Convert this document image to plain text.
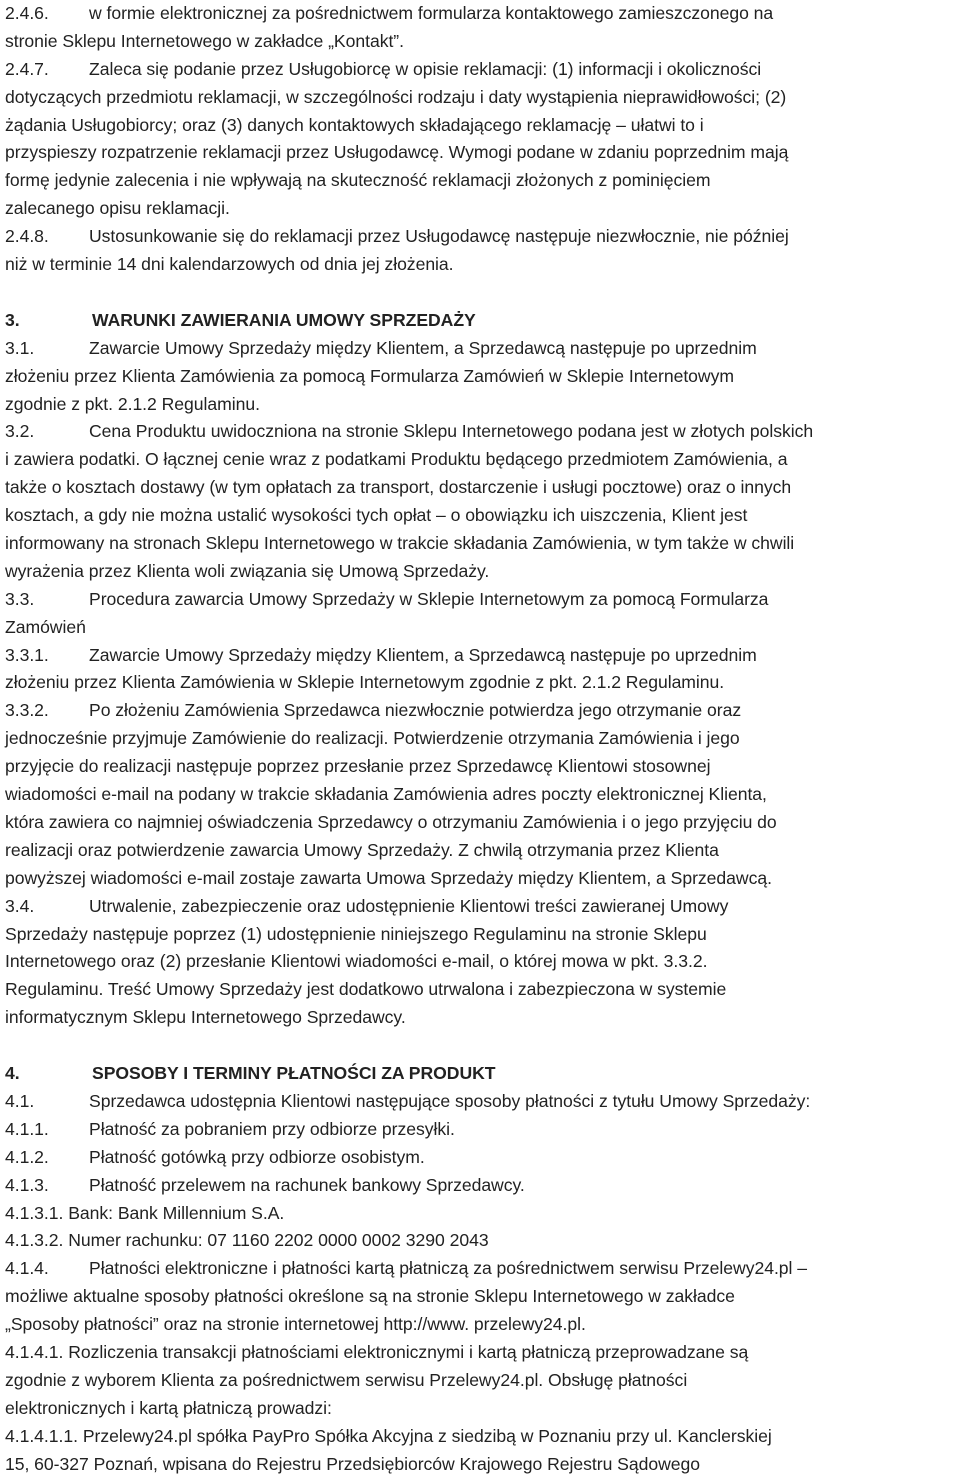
2.4.6. w formie elektronicznej za pośrednictwem formularza kontaktowego zamieszczonego na
stronie Sklepu Internetowego w zakładce „Kontakt”.
2.4.7. Zaleca się podanie przez Usługobiorcę w opisie reklamacji: (1) informacji i okoliczności
dotyczących przedmiotu reklamacji, w szczególności rodzaju i daty wystąpienia nieprawidłowości; (2)
żądania Usługobiorcy; oraz (3) danych kontaktowych składającego reklamację – ułatwi to i
przyspieszy rozpatrzenie reklamacji przez Usługodawcę. Wymogi podane w zdaniu poprzednim mają
formę jedynie zalecenia i nie wpływają na skuteczność reklamacji złożonych z pominięciem
zalecanego opisu reklamacji.
2.4.8. Ustosunkowanie się do reklamacji przez Usługodawcę następuje niezwłocznie, nie później
niż w terminie 14 dni kalendarzowych od dnia jej złożenia.
3.	WARUNKI ZAWIERANIA UMOWY SPRZEDAŻY
3.1.	Zawarcie Umowy Sprzedaży między Klientem, a Sprzedawcą następuje po uprzednim
złożeniu przez Klienta Zamówienia za pomocą Formularza Zamówień w Sklepie Internetowym
zgodnie z pkt. 2.1.2 Regulaminu.
3.2.	Cena Produktu uwidoczniona na stronie Sklepu Internetowego podana jest w złotych polskich
i zawiera podatki. O łącznej cenie wraz z podatkami Produktu będącego przedmiotem Zamówienia, a
także o kosztach dostawy (w tym opłatach za transport, dostarczenie i usługi pocztowe) oraz o innych
kosztach, a gdy nie można ustalić wysokości tych opłat – o obowiązku ich uiszczenia, Klient jest
informowany na stronach Sklepu Internetowego w trakcie składania Zamówienia, w tym także w chwili
wyrażenia przez Klienta woli związania się Umową Sprzedaży.
3.3.	Procedura zawarcia Umowy Sprzedaży w Sklepie Internetowym za pomocą Formularza
Zamówień
3.3.1. Zawarcie Umowy Sprzedaży między Klientem, a Sprzedawcą następuje po uprzednim
złożeniu przez Klienta Zamówienia w Sklepie Internetowym zgodnie z pkt. 2.1.2 Regulaminu.
3.3.2. Po złożeniu Zamówienia Sprzedawca niezwłocznie potwierdza jego otrzymanie oraz
jednocześnie przyjmuje Zamówienie do realizacji. Potwierdzenie otrzymania Zamówienia i jego
przyjęcie do realizacji następuje poprzez przesłanie przez Sprzedawcę Klientowi stosownej
wiadomości e-mail na podany w trakcie składania Zamówienia adres poczty elektronicznej Klienta,
która zawiera co najmniej oświadczenia Sprzedawcy o otrzymaniu Zamówienia i o jego przyjęciu do
realizacji oraz potwierdzenie zawarcia Umowy Sprzedaży. Z chwilą otrzymania przez Klienta
powyższej wiadomości e-mail zostaje zawarta Umowa Sprzedaży między Klientem, a Sprzedawcą.
3.4.	Utrwalenie, zabezpieczenie oraz udostępnienie Klientowi treści zawieranej Umowy
Sprzedaży następuje poprzez (1) udostępnienie niniejszego Regulaminu na stronie Sklepu
Internetowego oraz (2) przesłanie Klientowi wiadomości e-mail, o której mowa w pkt. 3.3.2.
Regulaminu. Treść Umowy Sprzedaży jest dodatkowo utrwalona i zabezpieczona w systemie
informatycznym Sklepu Internetowego Sprzedawcy.
4.	SPOSOBY I TERMINY PŁATNOŚCI ZA PRODUKT
4.1.	Sprzedawca udostępnia Klientowi następujące sposoby płatności z tytułu Umowy Sprzedaży:
4.1.1. Płatność za pobraniem przy odbiorze przesyłki.
4.1.2. Płatność gotówką przy odbiorze osobistym.
4.1.3. Płatność przelewem na rachunek bankowy Sprzedawcy.
4.1.3.1. Bank: Bank Millennium S.A.
4.1.3.2. Numer rachunku: 07 1160 2202 0000 0002 3290 2043
4.1.4. Płatności elektroniczne i płatności kartą płatniczą za pośrednictwem serwisu Przelewy24.pl –
możliwe aktualne sposoby płatności określone są na stronie Sklepu Internetowego w zakładce
„Sposoby płatności” oraz na stronie internetowej http://www. przelewy24.pl.
4.1.4.1. Rozliczenia transakcji płatnościami elektronicznymi i kartą płatniczą przeprowadzane są
zgodnie z wyborem Klienta za pośrednictwem serwisu Przelewy24.pl. Obsługę płatności
elektronicznych i kartą płatniczą prowadzi:
4.1.4.1.1. Przelewy24.pl spółka PayPro Spółka Akcyjna z siedzibą w Poznaniu przy ul. Kanclerskiej
15, 60-327 Poznań, wpisana do Rejestru Przedsiębiorców Krajowego Rejestru Sądowego
